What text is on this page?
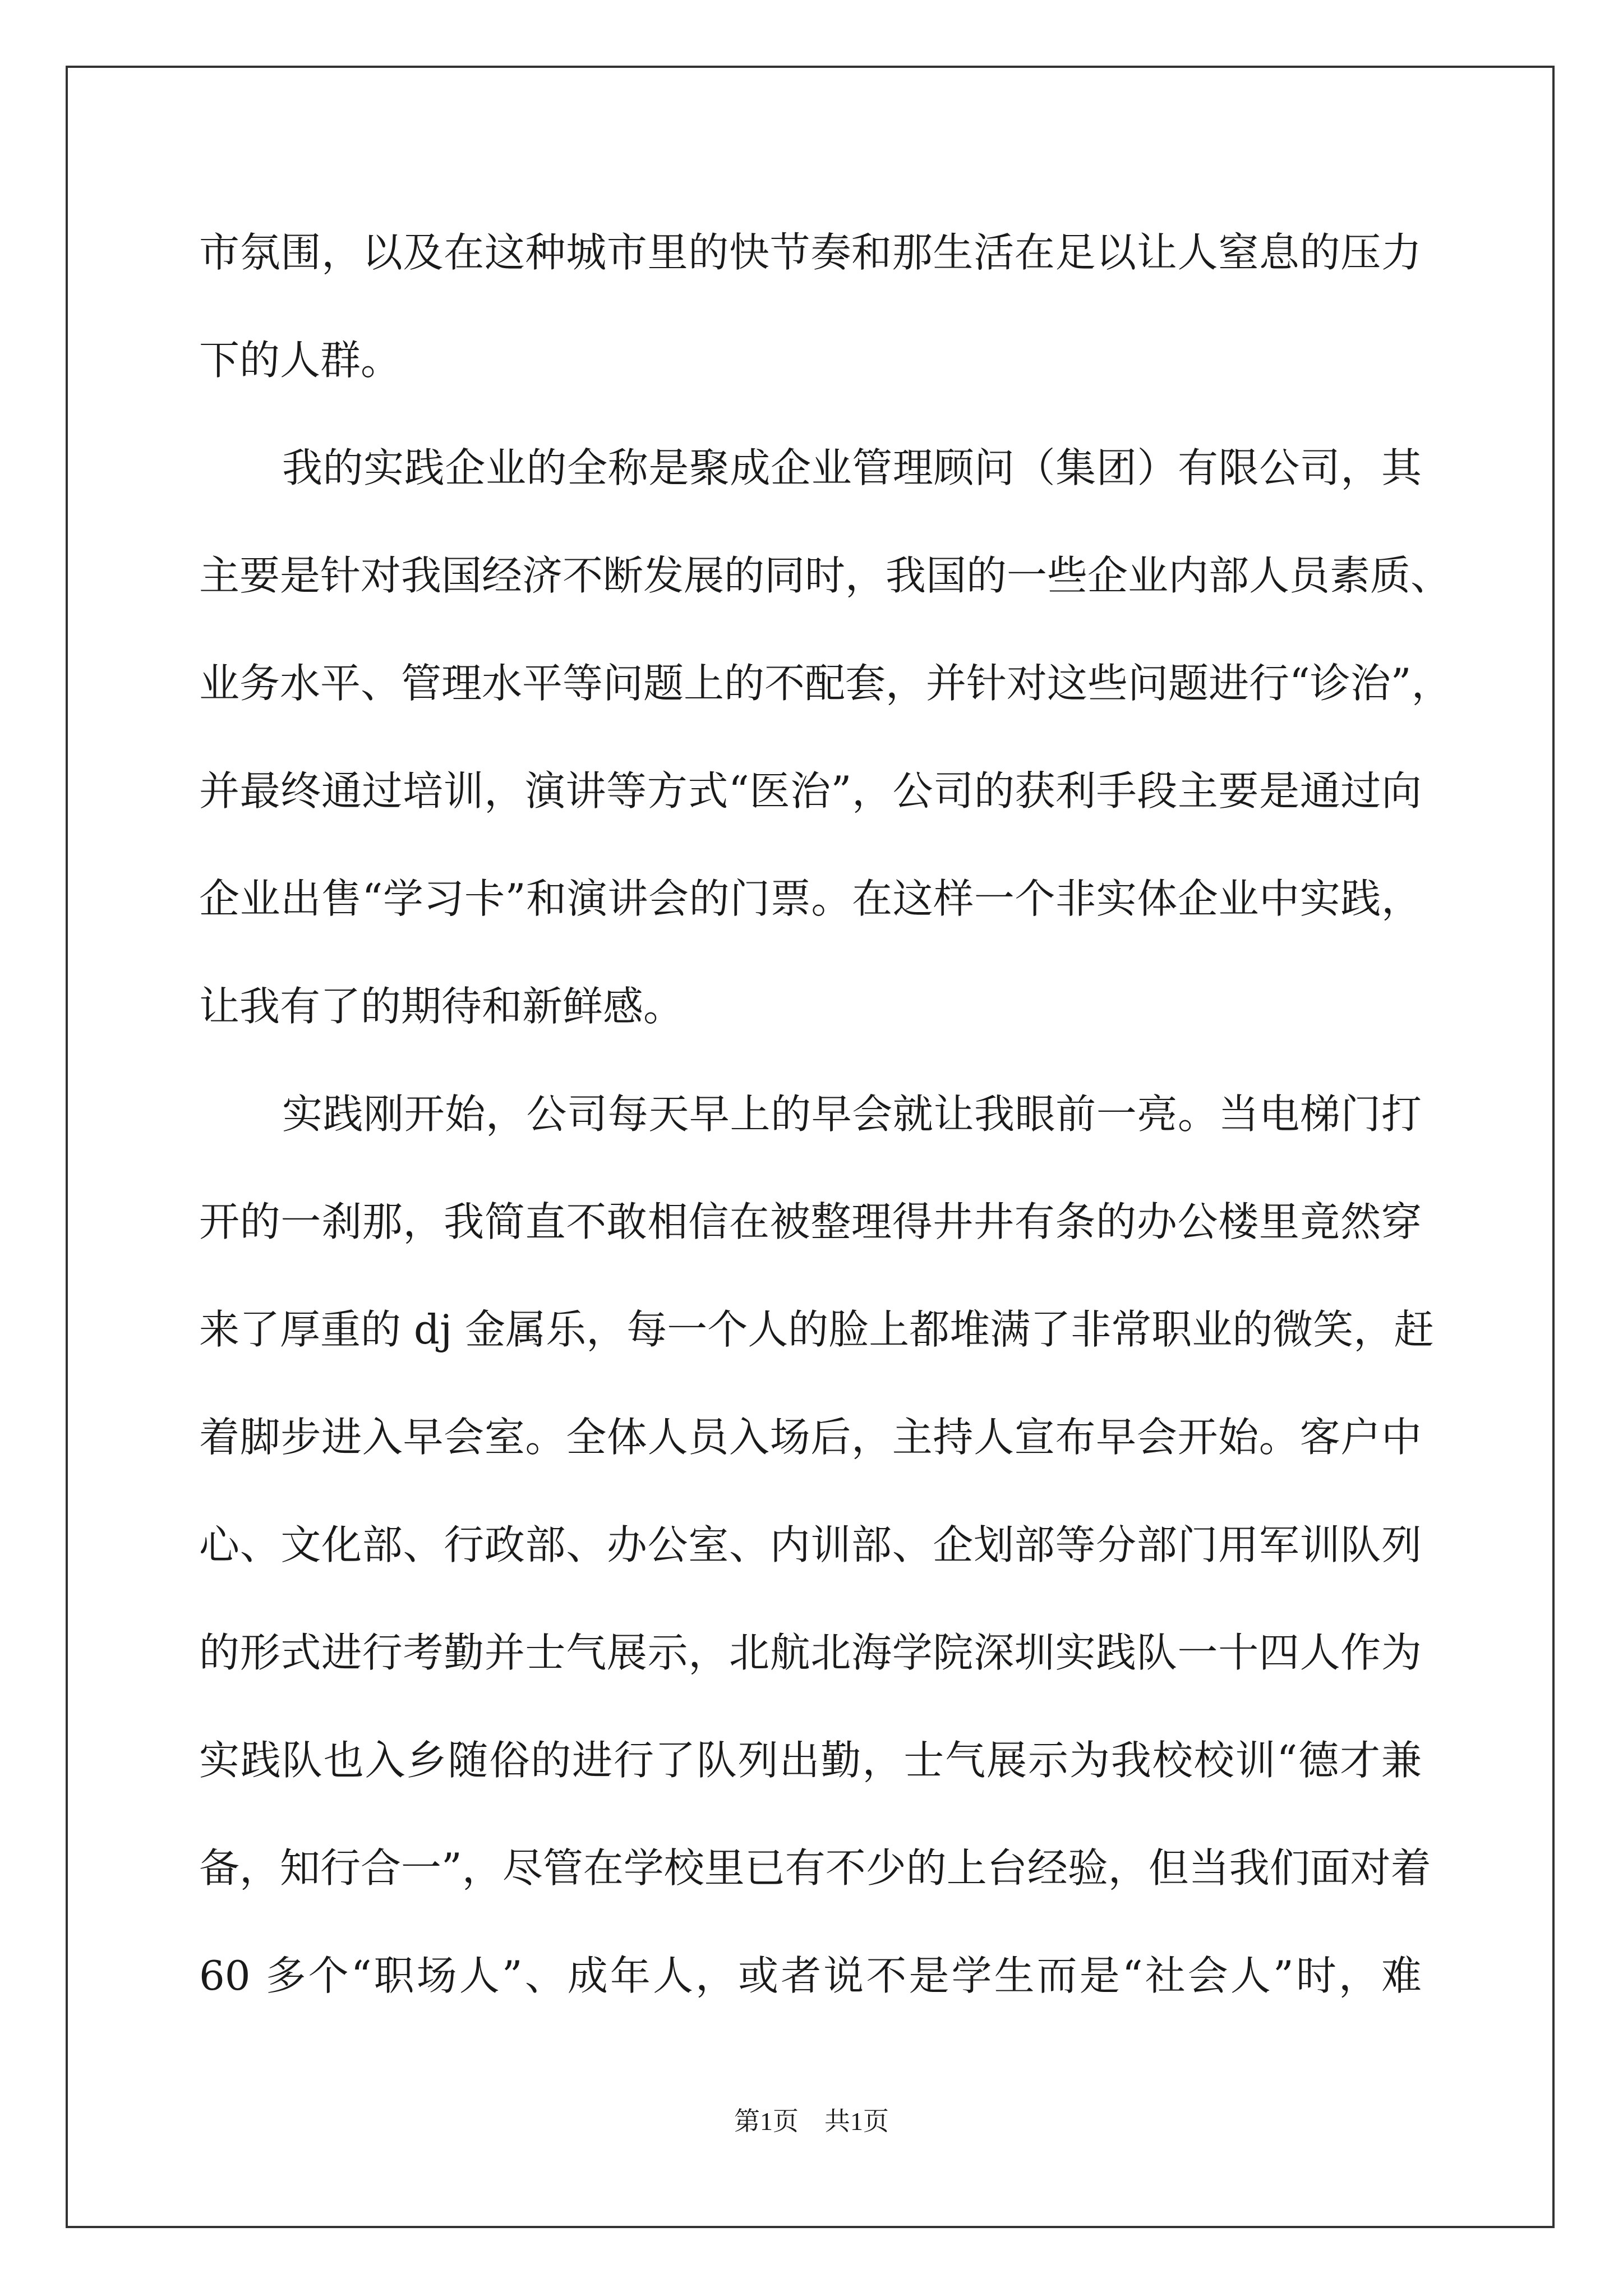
市氛围，以及在这种城市里的快节奏和那生活在足以让人窒息的压力
下的人群。
我的实践企业的全称是聚成企业管理顾问（集团）有限公司，其
主要是针对我国经济不断发展的同时，我国的一些企业内部人员素质、
业务水平、管理水平等问题上的不配套，并针对这些问题进行“诊治”，
并最终通过培训，演讲等方式“医治”，公司的获利手段主要是通过向
企业出售“学习卡”和演讲会的门票。在这样一个非实体企业中实践，
让我有了的期待和新鲜感。
实践刚开始，公司每天早上的早会就让我眼前一亮。当电梯门打
开的一刹那，我简直不敢相信在被整理得井井有条的办公楼里竟然穿
来了厚重的 dj 金属乐，每一个人的脸上都堆满了非常职业的微笑，赶
着脚步进入早会室。全体人员入场后，主持人宣布早会开始。客户中
心、文化部、行政部、办公室、内训部、企划部等分部门用军训队列
的形式进行考勤并士气展示，北航北海学院深圳实践队一十四人作为
实践队也入乡随俗的进行了队列出勤，士气展示为我校校训“德才兼
备，知行合一”，尽管在学校里已有不少的上台经验，但当我们面对着
60 多个“职场人”、成年人，或者说不是学生而是“社会人”时，难
第1页　共1页
